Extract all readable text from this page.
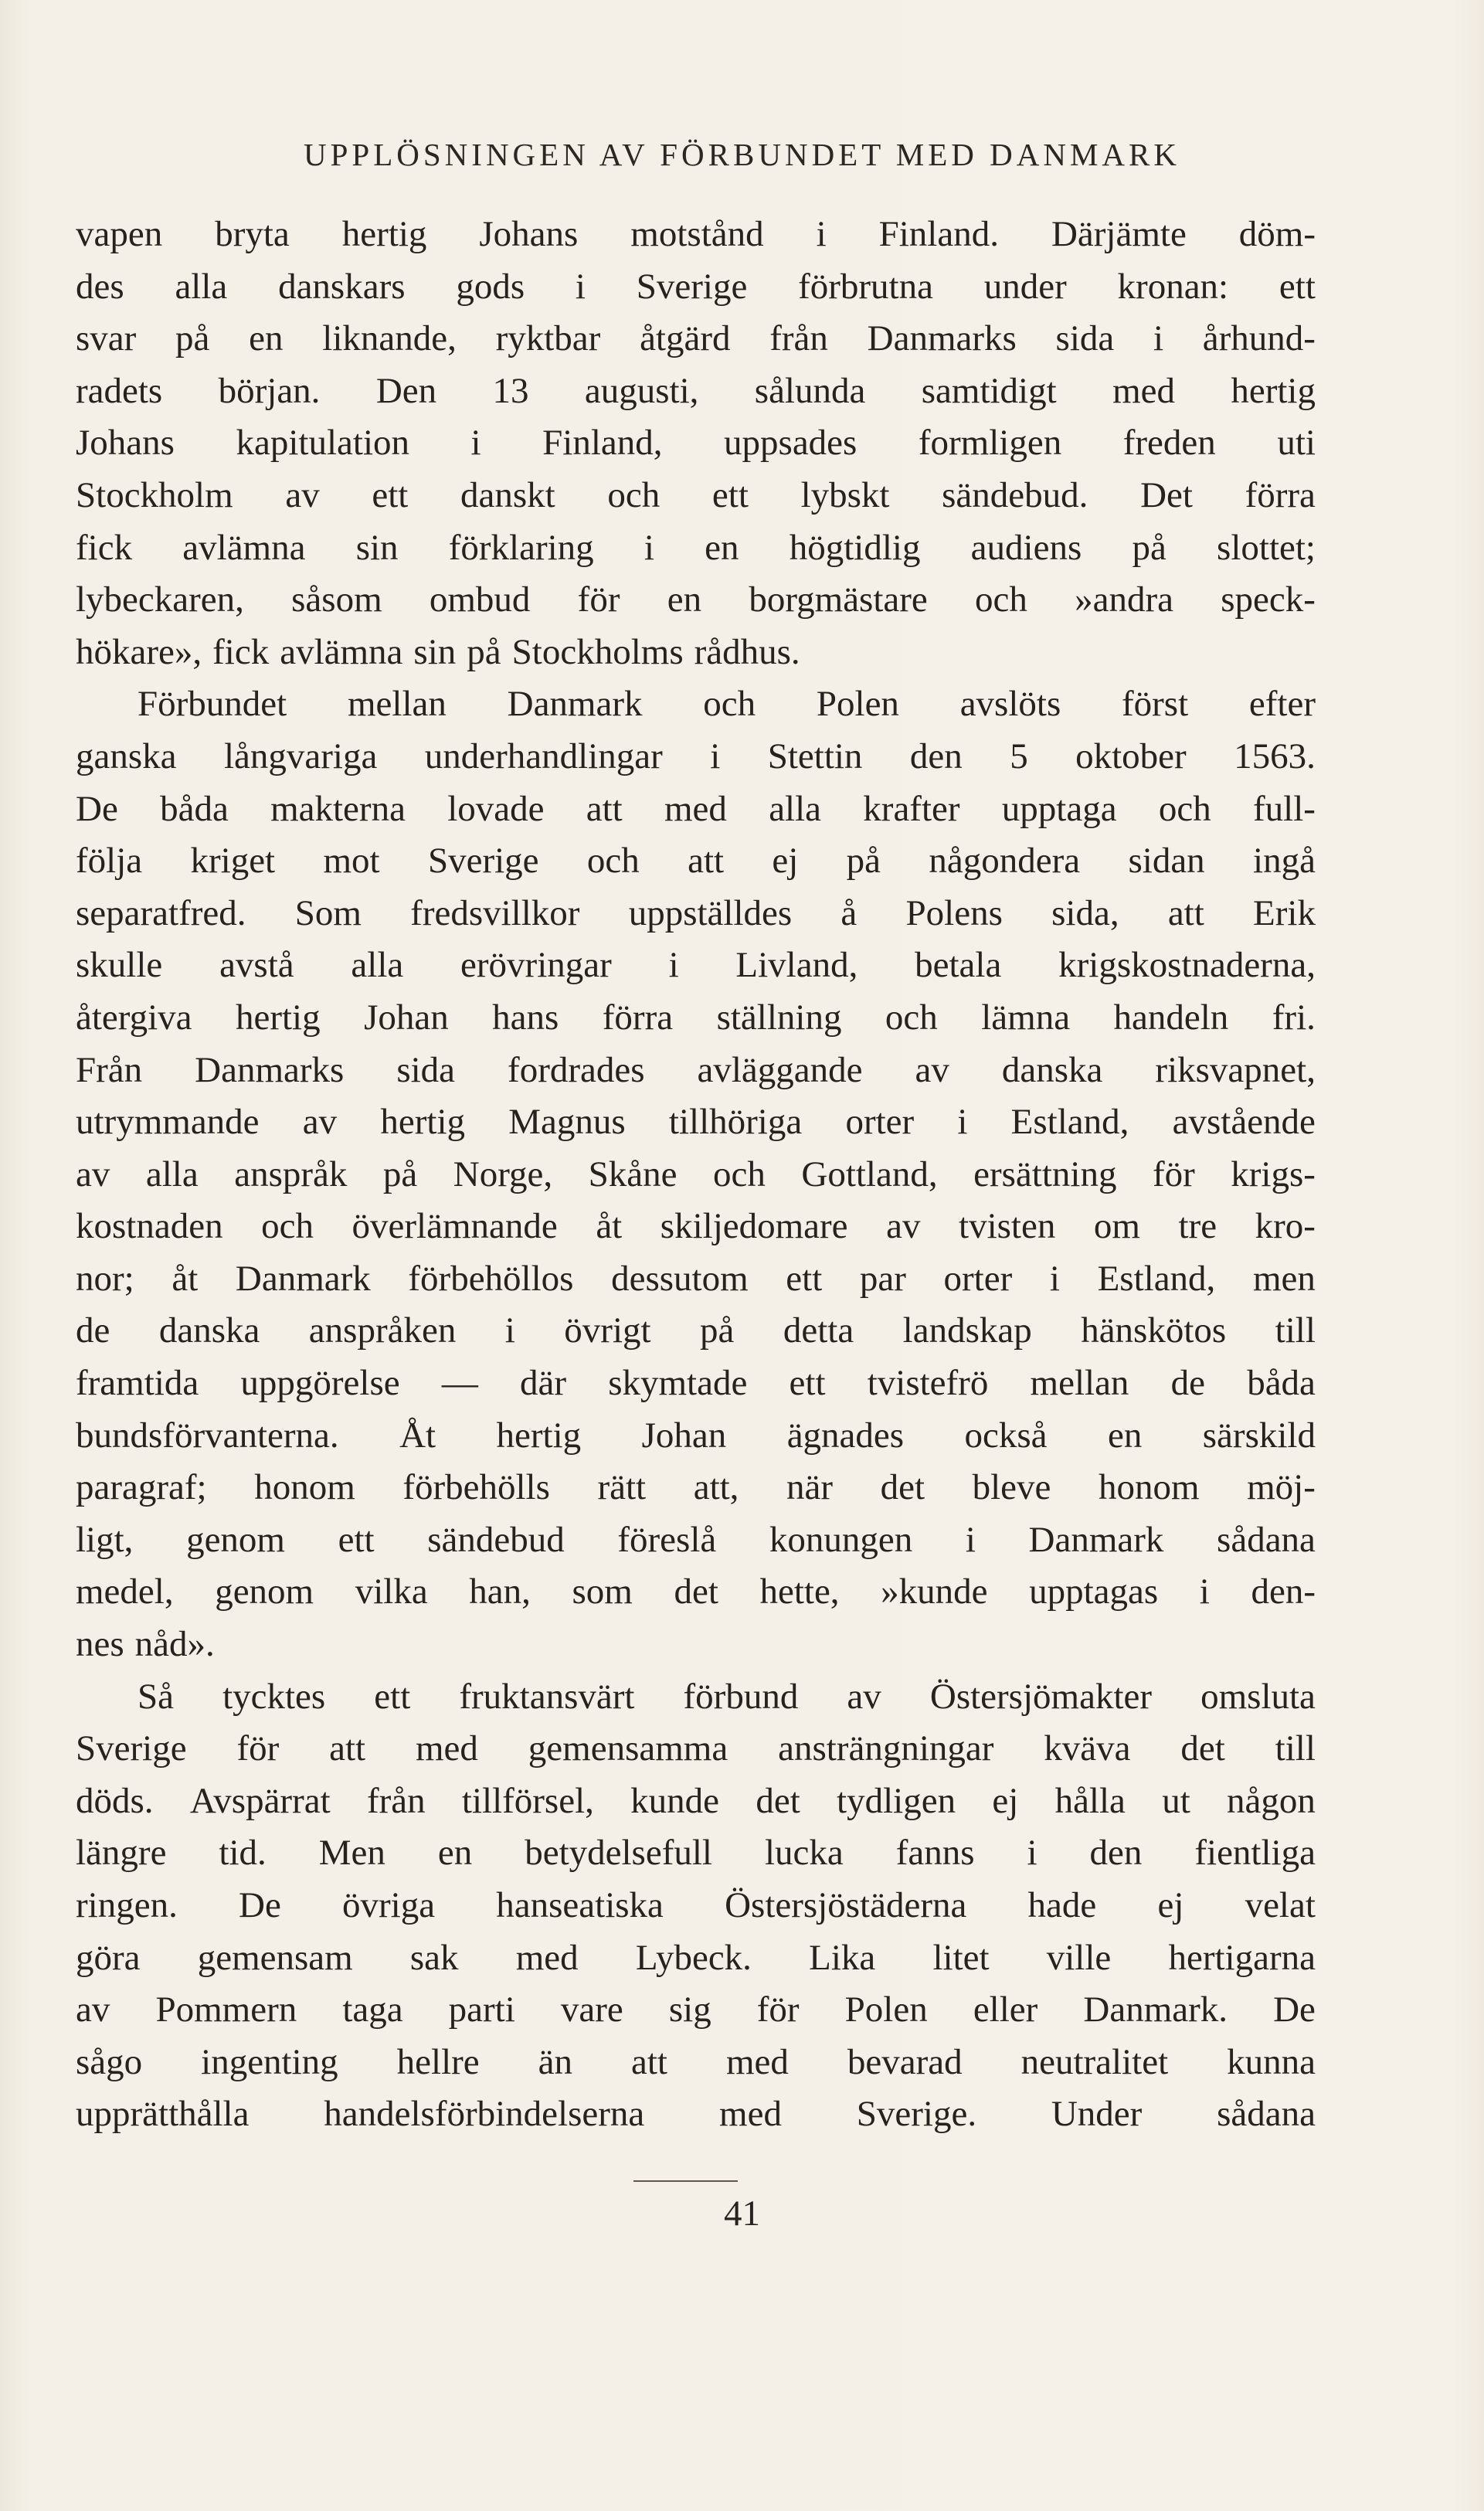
UPPLÖSNINGEN AV FÖRBUNDET MED DANMARK
vapen bryta hertig Johans motstånd i Finland. Därjämte döm-
des alla danskars gods i Sverige förbrutna under kronan: ett
svar på en liknande, ryktbar åtgärd från Danmarks sida i århund-
radets början. Den 13 augusti, sålunda samtidigt med hertig
Johans kapitulation i Finland, uppsades formligen freden uti
Stockholm av ett danskt och ett lybskt sändebud. Det förra
fick avlämna sin förklaring i en högtidlig audiens på slottet;
lybeckaren, såsom ombud för en borgmästare och »andra speck-
hökare», fick avlämna sin på Stockholms rådhus.
Förbundet mellan Danmark och Polen avslöts först efter
ganska långvariga underhandlingar i Stettin den 5 oktober 1563.
De båda makterna lovade att med alla krafter upptaga och full-
följa kriget mot Sverige och att ej på någondera sidan ingå
separatfred. Som fredsvillkor uppställdes å Polens sida, att Erik
skulle avstå alla erövringar i Livland, betala krigskostnaderna,
återgiva hertig Johan hans förra ställning och lämna handeln fri.
Från Danmarks sida fordrades avläggande av danska riksvapnet,
utrymmande av hertig Magnus tillhöriga orter i Estland, avstående
av alla anspråk på Norge, Skåne och Gottland, ersättning för krigs-
kostnaden och överlämnande åt skiljedomare av tvisten om tre kro-
nor; åt Danmark förbehöllos dessutom ett par orter i Estland, men
de danska anspråken i övrigt på detta landskap hänskötos till
framtida uppgörelse — där skymtade ett tvistefrö mellan de båda
bundsförvanterna. Åt hertig Johan ägnades också en särskild
paragraf; honom förbehölls rätt att, när det bleve honom möj-
ligt, genom ett sändebud föreslå konungen i Danmark sådana
medel, genom vilka han, som det hette, »kunde upptagas i den-
nes nåd».
Så tycktes ett fruktansvärt förbund av Östersjömakter omsluta
Sverige för att med gemensamma ansträngningar kväva det till
döds. Avspärrat från tillförsel, kunde det tydligen ej hålla ut någon
längre tid. Men en betydelsefull lucka fanns i den fientliga
ringen. De övriga hanseatiska Östersjöstäderna hade ej velat
göra gemensam sak med Lybeck. Lika litet ville hertigarna
av Pommern taga parti vare sig för Polen eller Danmark. De
sågo ingenting hellre än att med bevarad neutralitet kunna
upprätthålla handelsförbindelserna med Sverige. Under sådana
41
